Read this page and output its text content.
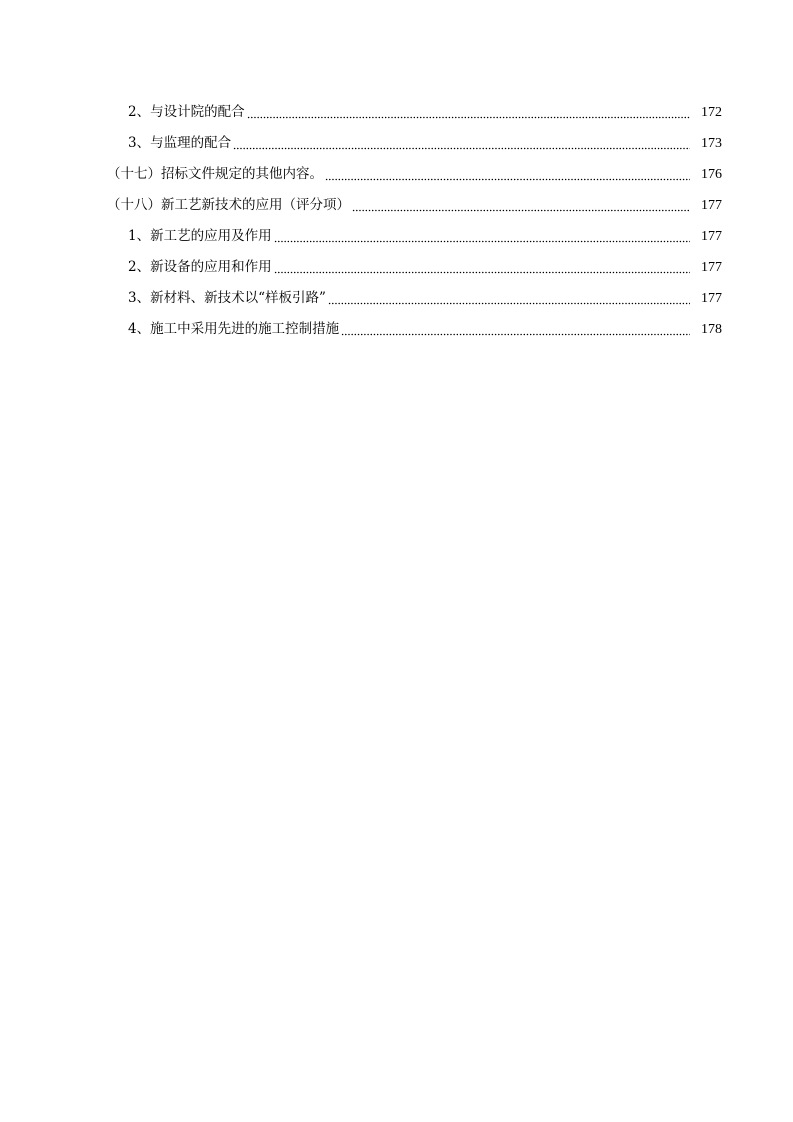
2、与设计院的配合	172
3、与监理的配合	173
（十七）招标文件规定的其他内容。	176
（十八）新工艺新技术的应用（评分项）	177
1、新工艺的应用及作用	177
2、新设备的应用和作用	177
3、新材料、新技术以“样板引路”	177
4、施工中采用先进的施工控制措施	178
